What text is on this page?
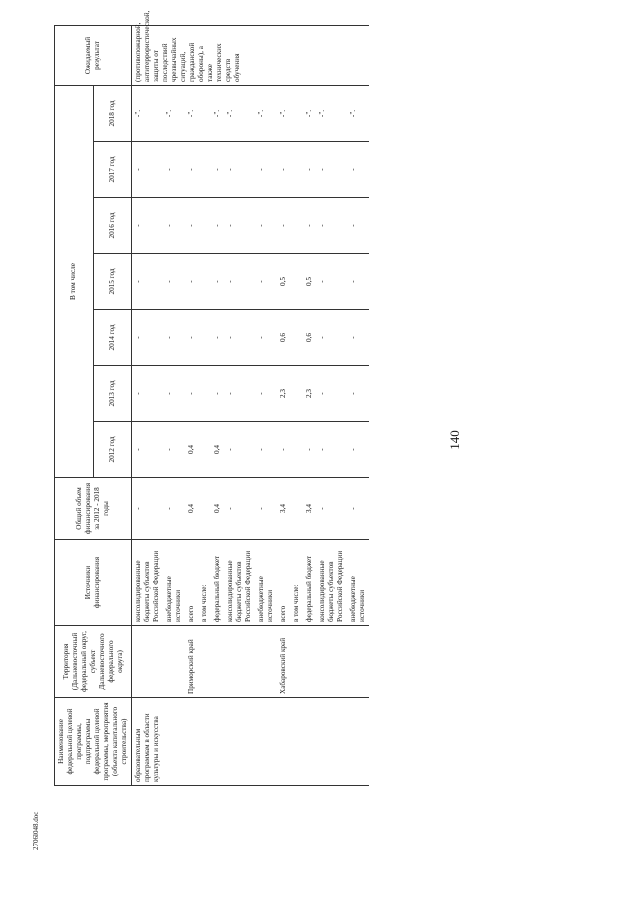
140
2706l048.doc
Наименование федеральной целевой программы, подпрограммы федеральной целевой программы, мероприятия (объекта капитального строительства)	Территория (Дальневосточный федеральный округ, субъект Дальневосточного федерального округа)	Источники финансирования	Общий объем финансирования за 2012 - 2018 годы	В том числе							Ожидаемый результат
				2012 год	2013 год	2014 год	2015 год	2016 год	2017 год	2018 год	
образовательным программам в области культуры и искусства		консолидированные бюджеты субъектов Российской Федерации	-	-	-	-	-	-	-	-".	(противопожарной, антитеррористической, защиты от последствий чрезвычайных ситуаций, гражданской обороны), а также технических средств обучения
		внебюджетные источники	-	-	-	-	-	-	-	-".	
	Приморский край	всего	0,4	0,4	-	-	-	-	-	-".	
		в том числе:									
		федеральный бюджет	0,4	0,4	-	-	-	-	-	-".	
		консолидированные бюджеты субъектов Российской Федерации	-	-	-	-	-	-	-	-".	
		внебюджетные источники	-	-	-	-	-	-	-	-".	
	Хабаровский край	всего	3,4	-	2,3	0,6	0,5	-	-	-".	
		в том числе:									
		федеральный бюджет	3,4	-	2,3	0,6	0,5	-	-	-".	
		консолидированные бюджеты субъектов Российской Федерации	-	-	-	-	-	-	-	-".	
		внебюджетные источники	-	-	-	-	-	-	-	-".	
